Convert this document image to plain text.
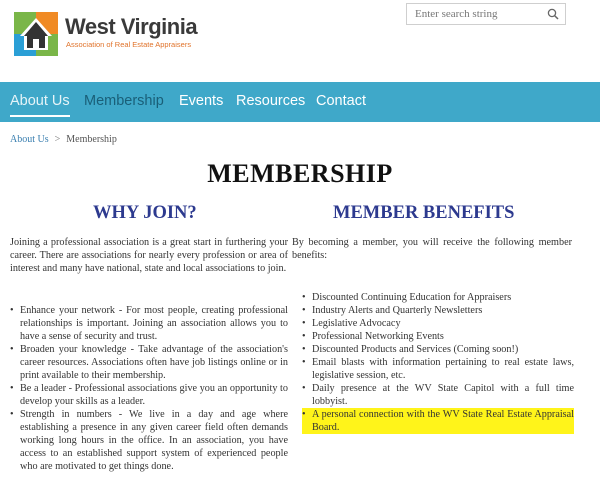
West Virginia
Association of Real Estate Appraisers
Enter search string
About Us Membership Events Resources Contact
About Us > Membership
MEMBERSHIP
WHY JOIN?
Joining a professional association is a great start in furthering your career. There are associations for nearly every profession or area of interest and many have national, state and local associations to join.
• Enhance your network - For most people, creating professional relationships is important. Joining an association allows you to have a sense of security and trust.
• Broaden your knowledge - Take advantage of the association's career resources. Associations often have job listings online or in print available to their membership.
• Be a leader - Professional associations give you an opportunity to develop your skills as a leader.
• Strength in numbers - We live in a day and age where establishing a presence in any given career field often demands working long hours in the office. In an association, you have access to an established support system of experienced people who are motivated to get things done.
MEMBER BENEFITS
By becoming a member, you will receive the following member benefits:
• Discounted Continuing Education for Appraisers
• Industry Alerts and Quarterly Newsletters
• Legislative Advocacy
• Professional Networking Events
• Discounted Products and Services (Coming soon!)
• Email blasts with information pertaining to real estate laws, legislative session, etc.
• Daily presence at the WV State Capitol with a full time lobbyist.
• A personal connection with the WV State Real Estate Appraisal Board.
